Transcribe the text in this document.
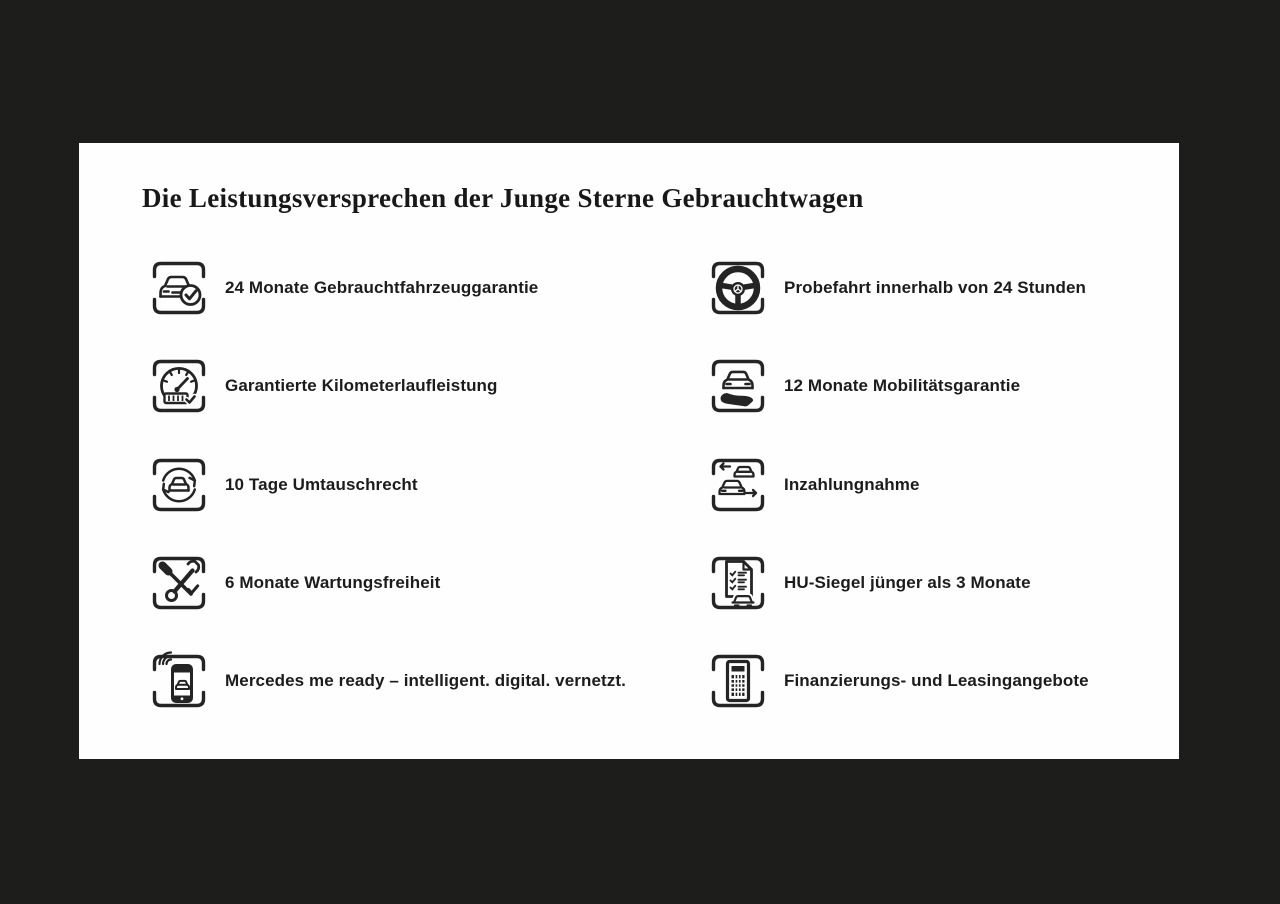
Die Leistungsversprechen der Junge Sterne Gebrauchtwagen
24 Monate Gebrauchtfahrzeuggarantie
Garantierte Kilometerlaufleistung
10 Tage Umtauschrecht
6 Monate Wartungsfreiheit
Mercedes me ready – intelligent. digital. vernetzt.
Probefahrt innerhalb von 24 Stunden
12 Monate Mobilitätsgarantie
Inzahlungnahme
HU-Siegel jünger als 3 Monate
Finanzierungs- und Leasingangebote
